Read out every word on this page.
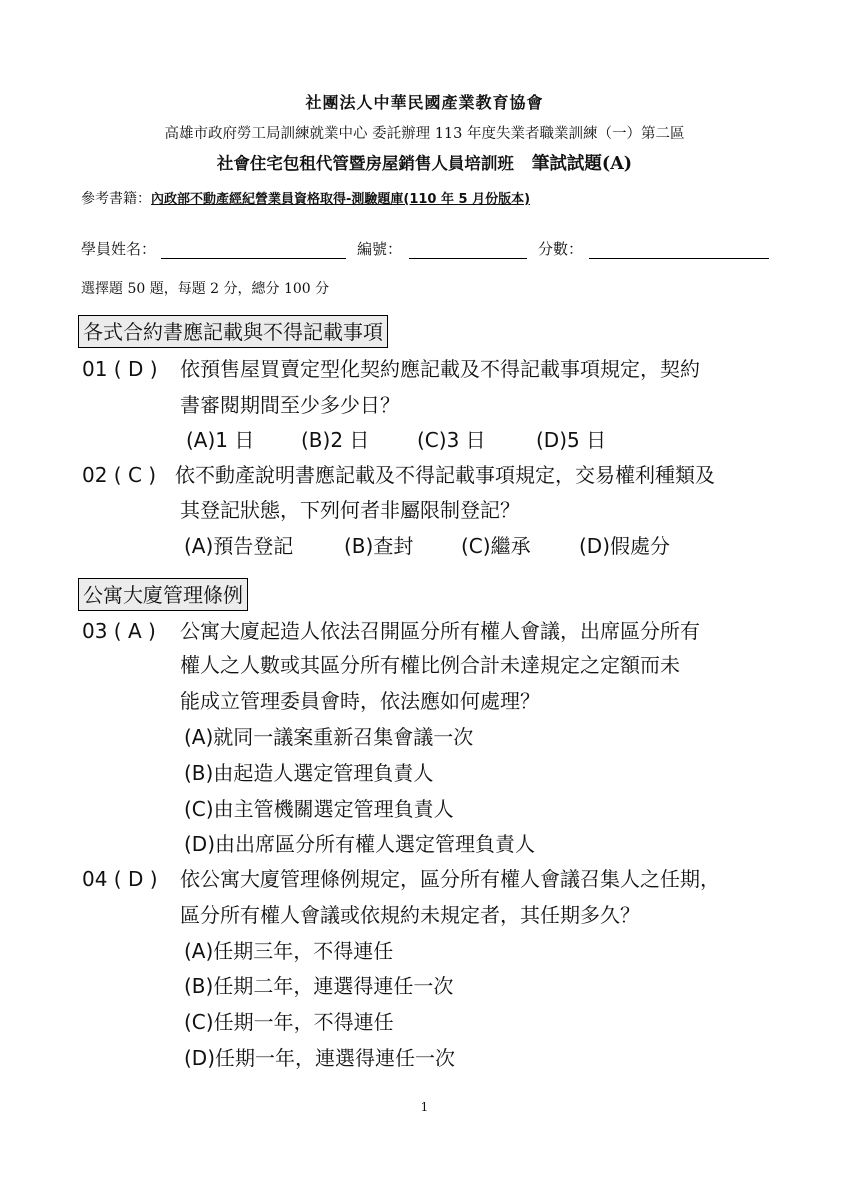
社團法人中華民國產業教育協會
高雄市政府勞工局訓練就業中心 委託辦理 113 年度失業者職業訓練（一）第二區
社會住宅包租代管暨房屋銷售人員培訓班 筆試試題(A)
參考書籍：內政部不動產經紀營業員資格取得-測驗題庫(110 年 5 月份版本)
學員姓名：	編號：	分數：
選擇題 50 題，每題 2 分，總分 100 分
各式合約書應記載與不得記載事項
01 ( D ) 依預售屋買賣定型化契約應記載及不得記載事項規定，契約
書審閱期間至少多少日？
(A)1 日 (B)2 日 (C)3 日	(D)5 日
02 ( C ) 依不動產說明書應記載及不得記載事項規定，交易權利種類及
其登記狀態，下列何者非屬限制登記？
(A)預告登記	(B)查封 (C)繼承 (D)假處分
公寓大廈管理條例
03 ( A ) 公寓大廈起造人依法召開區分所有權人會議，出席區分所有
權人之人數或其區分所有權比例合計未達規定之定額而未
能成立管理委員會時，依法應如何處理？
(A)就同一議案重新召集會議一次
(B)由起造人選定管理負責人
(C)由主管機關選定管理負責人
(D)由出席區分所有權人選定管理負責人
04 ( D ) 依公寓大廈管理條例規定，區分所有權人會議召集人之任期，
區分所有權人會議或依規約未規定者，其任期多久？
(A)任期三年，不得連任
(B)任期二年，連選得連任一次
(C)任期一年，不得連任
(D)任期一年，連選得連任一次
1
